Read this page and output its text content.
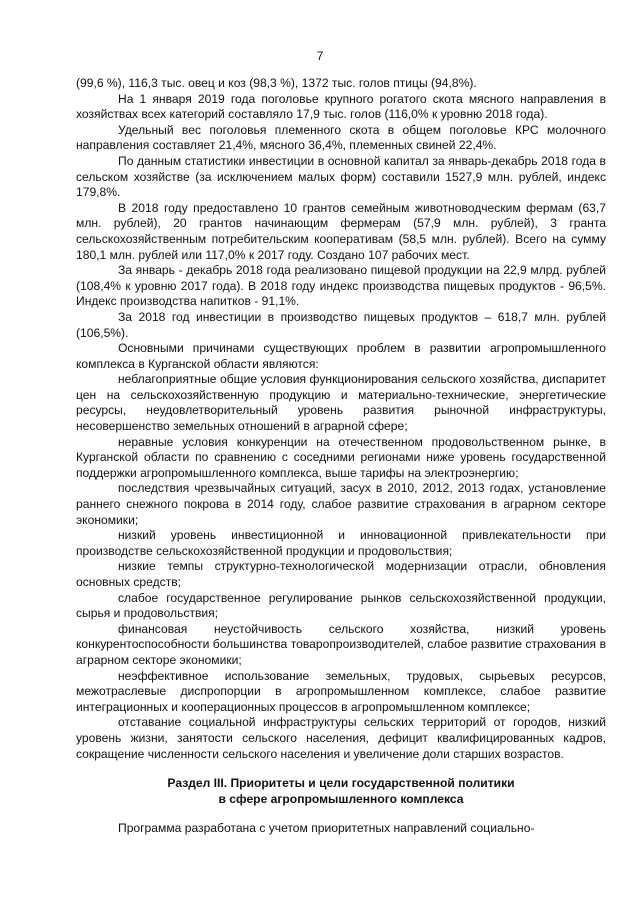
7

(99,6 %), 116,3 тыс. овец и коз (98,3 %), 1372 тыс. голов птицы (94,8%).

На 1 января 2019 года поголовье крупного рогатого скота мясного направления в хозяйствах всех категорий составляло 17,9 тыс. голов (116,0% к уровню 2018 года).

Удельный вес поголовья племенного скота в общем поголовье КРС молочного направления составляет 21,4%, мясного 36,4%, племенных свиней 22,4%.

По данным статистики инвестиции в основной капитал за январь-декабрь 2018 года в сельском хозяйстве (за исключением малых форм) составили 1527,9 млн. рублей, индекс 179,8%.

В 2018 году предоставлено 10 грантов семейным животноводческим фермам (63,7 млн. рублей), 20 грантов начинающим фермерам (57,9 млн. рублей), 3 гранта сельскохозяйственным потребительским кооперативам (58,5 млн. рублей). Всего на сумму 180,1 млн. рублей или 117,0% к 2017 году. Создано 107 рабочих мест.

За январь - декабрь 2018 года реализовано пищевой продукции на 22,9 млрд. рублей (108,4% к уровню 2017 года). В 2018 году индекс производства пищевых продуктов - 96,5%. Индекс производства напитков - 91,1%.

За 2018 год инвестиции в производство пищевых продуктов – 618,7 млн. рублей (106,5%).

Основными причинами существующих проблем в развитии агропромышленного комплекса в Курганской области являются:

неблагоприятные общие условия функционирования сельского хозяйства, диспаритет цен на сельскохозяйственную продукцию и материально-технические, энергетические ресурсы, неудовлетворительный уровень развития рыночной инфраструктуры, несовершенство земельных отношений в аграрной сфере;

неравные условия конкуренции на отечественном продовольственном рынке, в Курганской области по сравнению с соседними регионами ниже уровень государственной поддержки агропромышленного комплекса, выше тарифы на электроэнергию;

последствия чрезвычайных ситуаций, засух в 2010, 2012, 2013 годах, установление раннего снежного покрова в 2014 году, слабое развитие страхования в аграрном секторе экономики;

низкий уровень инвестиционной и инновационной привлекательности при производстве сельскохозяйственной продукции и продовольствия;

низкие темпы структурно-технологической модернизации отрасли, обновления основных средств;

слабое государственное регулирование рынков сельскохозяйственной продукции, сырья и продовольствия;

финансовая неустойчивость сельского хозяйства, низкий уровень конкурентоспособности большинства товаропроизводителей, слабое развитие страхования в аграрном секторе экономики;

неэффективное использование земельных, трудовых, сырьевых ресурсов, межотраслевые диспропорции в агропромышленном комплексе, слабое развитие интеграционных и кооперационных процессов в агропромышленном комплексе;

отставание социальной инфраструктуры сельских территорий от городов, низкий уровень жизни, занятости сельского населения, дефицит квалифицированных кадров, сокращение численности сельского населения и увеличение доли старших возрастов.

Раздел III. Приоритеты и цели государственной политики
в сфере агропромышленного комплекса

Программа разработана с учетом приоритетных направлений социально-
